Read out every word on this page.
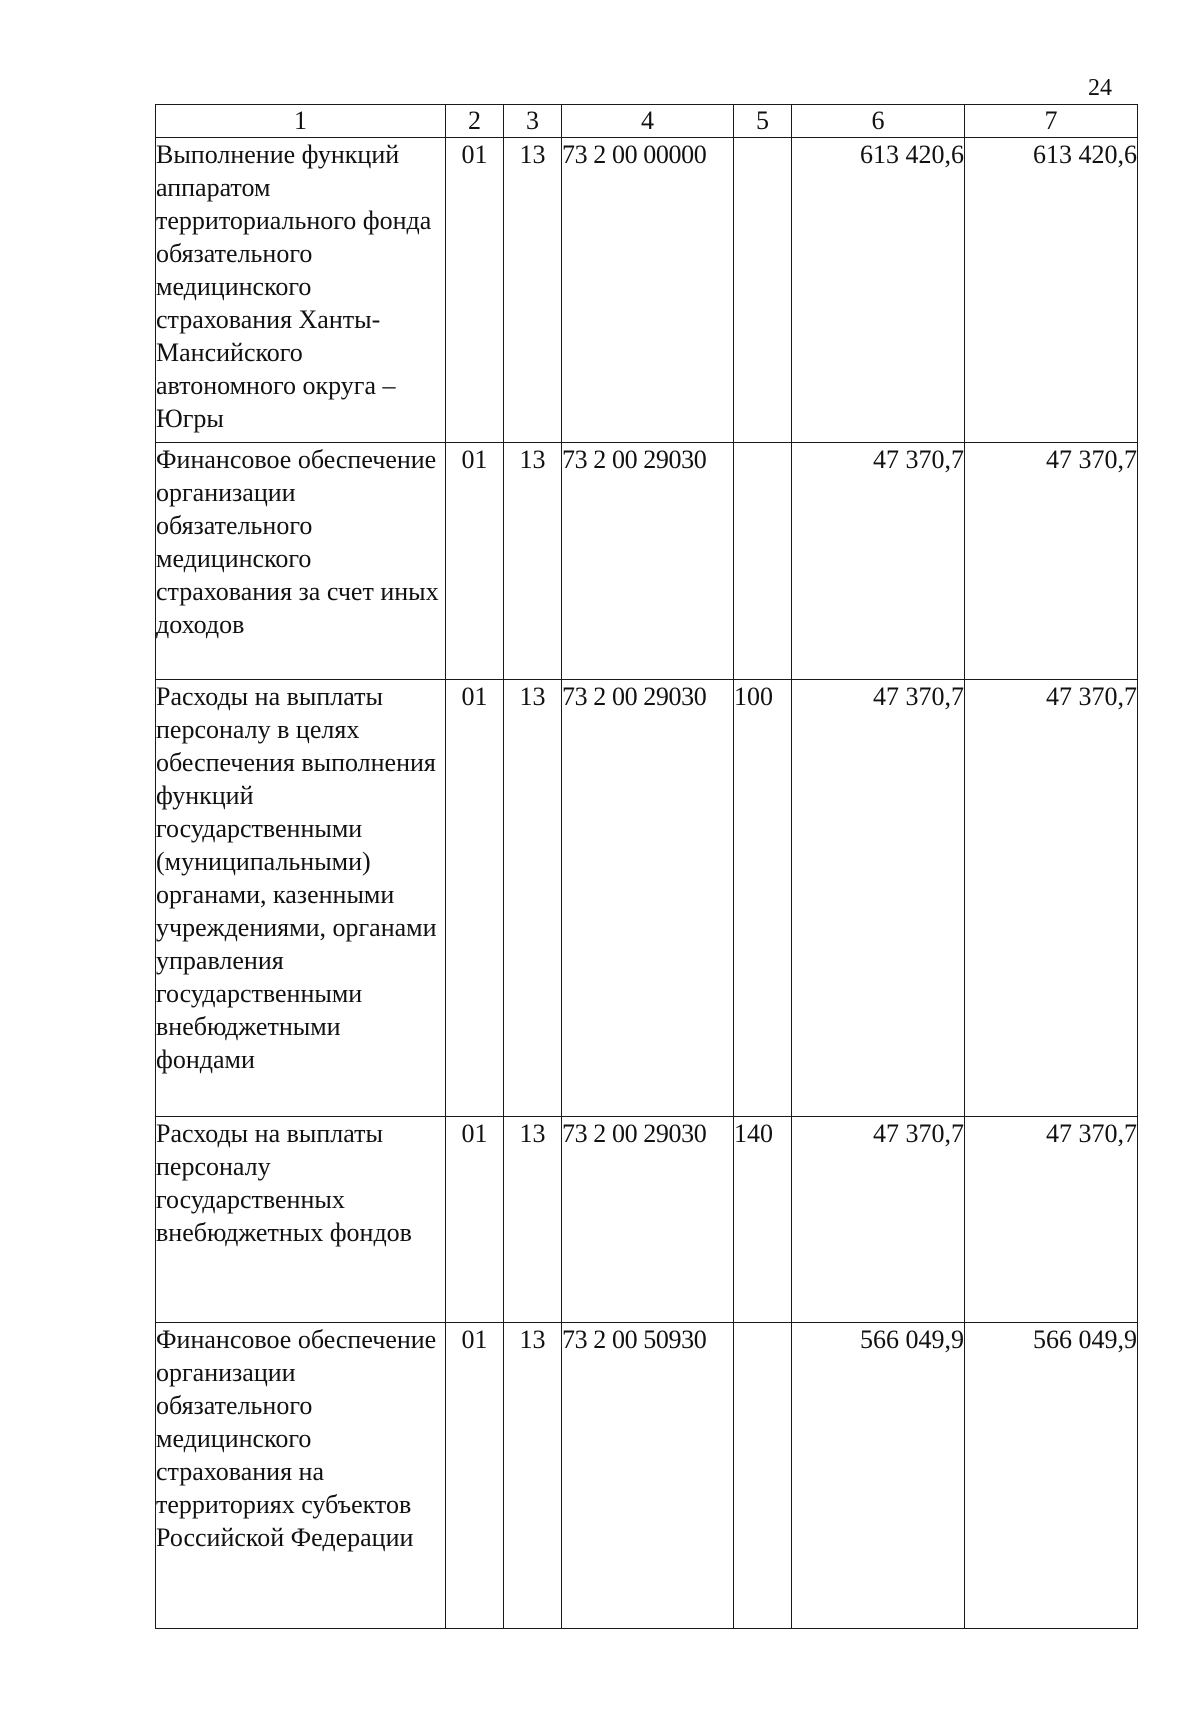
24
1	2	3	4	5	6	7
Выполнение функций аппаратом территориального фонда обязательного медицинского страхования Ханты-Мансийского автономного округа – Югры	01	13	73 2 00 00000		613 420,6	613 420,6
Финансовое обеспечение организации обязательного медицинского страхования за счет иных доходов	01	13	73 2 00 29030		47 370,7	47 370,7
Расходы на выплаты персоналу в целях обеспечения выполнения функций государственными (муниципальными) органами, казенными учреждениями, органами управления государственными внебюджетными фондами	01	13	73 2 00 29030	100	47 370,7	47 370,7
Расходы на выплаты персоналу государственных внебюджетных фондов	01	13	73 2 00 29030	140	47 370,7	47 370,7
Финансовое обеспечение организации обязательного медицинского страхования на территориях субъектов Российской Федерации	01	13	73 2 00 50930		566 049,9	566 049,9
